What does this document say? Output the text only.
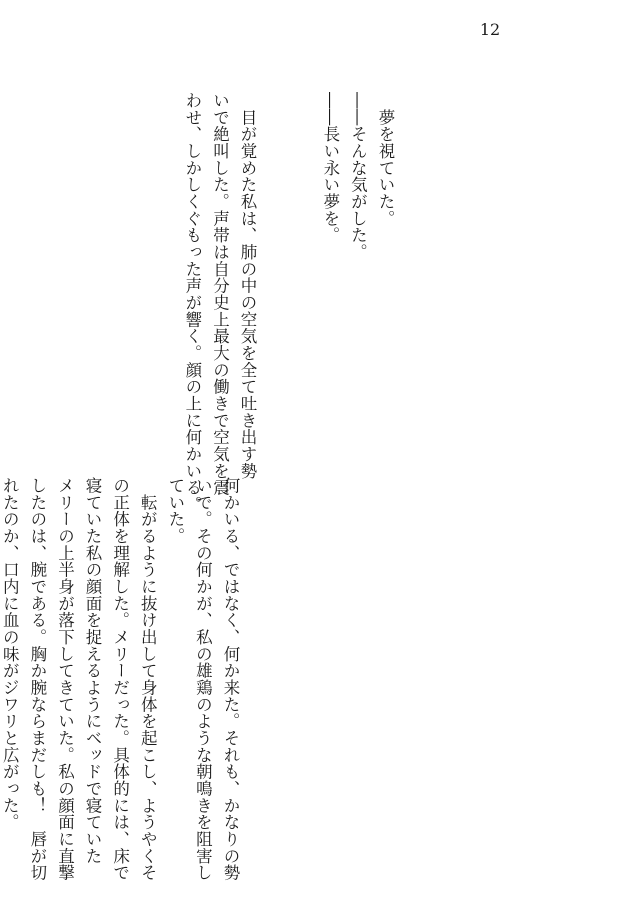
12
　夢を視ていた。
――そんな気がした。
――長い永い夢を。
　目が覚めた私は、肺の中の空気を全て吐き出す勢
いで絶叫した。声帯は自分史上最大の働きで空気を震
わせ、しかしくぐもった声が響く。顔の上に何かいる。
何かいる、ではなく、何か来た。それも、かなりの勢
いで。その何かが、私の雄鶏のような朝鳴きを阻害し
ていた。
　転がるように抜け出して身体を起こし、ようやくそ
の正体を理解した。メリーだった。具体的には、床で
寝ていた私の顔面を捉えるようにベッドで寝ていた
メリーの上半身が落下してきていた。私の顔面に直撃
したのは、腕である。胸か腕ならまだしも！　唇が切
れたのか、口内に血の味がジワリと広がった。
